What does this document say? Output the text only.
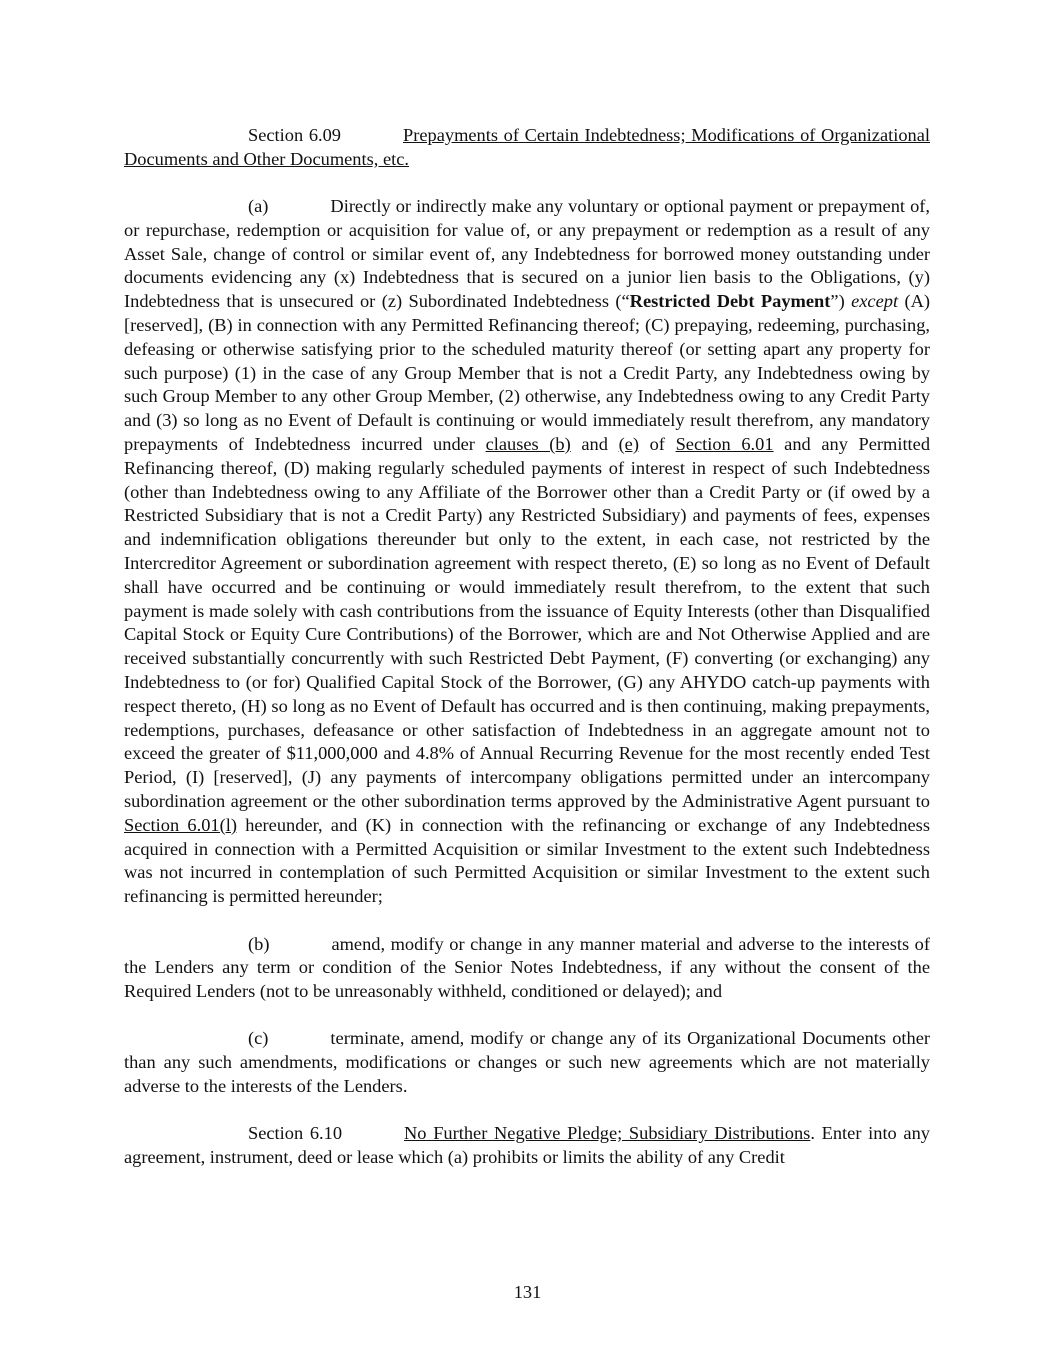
Section 6.09	Prepayments of Certain Indebtedness; Modifications of Organizational Documents and Other Documents, etc.

(a)	Directly or indirectly make any voluntary or optional payment or prepayment of, or repurchase, redemption or acquisition for value of, or any prepayment or redemption as a result of any Asset Sale, change of control or similar event of, any Indebtedness for borrowed money outstanding under documents evidencing any (x) Indebtedness that is secured on a junior lien basis to the Obligations, (y) Indebtedness that is unsecured or (z) Subordinated Indebtedness (“Restricted Debt Payment”) except (A) [reserved], (B) in connection with any Permitted Refinancing thereof; (C) prepaying, redeeming, purchasing, defeasing or otherwise satisfying prior to the scheduled maturity thereof (or setting apart any property for such purpose) (1) in the case of any Group Member that is not a Credit Party, any Indebtedness owing by such Group Member to any other Group Member, (2) otherwise, any Indebtedness owing to any Credit Party and (3) so long as no Event of Default is continuing or would immediately result therefrom, any mandatory prepayments of Indebtedness incurred under clauses (b) and (e) of Section 6.01 and any Permitted Refinancing thereof, (D) making regularly scheduled payments of interest in respect of such Indebtedness (other than Indebtedness owing to any Affiliate of the Borrower other than a Credit Party or (if owed by a Restricted Subsidiary that is not a Credit Party) any Restricted Subsidiary) and payments of fees, expenses and indemnification obligations thereunder but only to the extent, in each case, not restricted by the Intercreditor Agreement or subordination agreement with respect thereto, (E) so long as no Event of Default shall have occurred and be continuing or would immediately result therefrom, to the extent that such payment is made solely with cash contributions from the issuance of Equity Interests (other than Disqualified Capital Stock or Equity Cure Contributions) of the Borrower, which are and Not Otherwise Applied and are received substantially concurrently with such Restricted Debt Payment, (F) converting (or exchanging) any Indebtedness to (or for) Qualified Capital Stock of the Borrower, (G) any AHYDO catch-up payments with respect thereto, (H) so long as no Event of Default has occurred and is then continuing, making prepayments, redemptions, purchases, defeasance or other satisfaction of Indebtedness in an aggregate amount not to exceed the greater of $11,000,000 and 4.8% of Annual Recurring Revenue for the most recently ended Test Period, (I) [reserved], (J) any payments of intercompany obligations permitted under an intercompany subordination agreement or the other subordination terms approved by the Administrative Agent pursuant to Section 6.01(l) hereunder, and (K) in connection with the refinancing or exchange of any Indebtedness acquired in connection with a Permitted Acquisition or similar Investment to the extent such Indebtedness was not incurred in contemplation of such Permitted Acquisition or similar Investment to the extent such refinancing is permitted hereunder;

(b)	amend, modify or change in any manner material and adverse to the interests of the Lenders any term or condition of the Senior Notes Indebtedness, if any without the consent of the Required Lenders (not to be unreasonably withheld, conditioned or delayed); and

(c)	terminate, amend, modify or change any of its Organizational Documents other than any such amendments, modifications or changes or such new agreements which are not materially adverse to the interests of the Lenders.

Section 6.10	No Further Negative Pledge; Subsidiary Distributions. Enter into any agreement, instrument, deed or lease which (a) prohibits or limits the ability of any Credit

131
